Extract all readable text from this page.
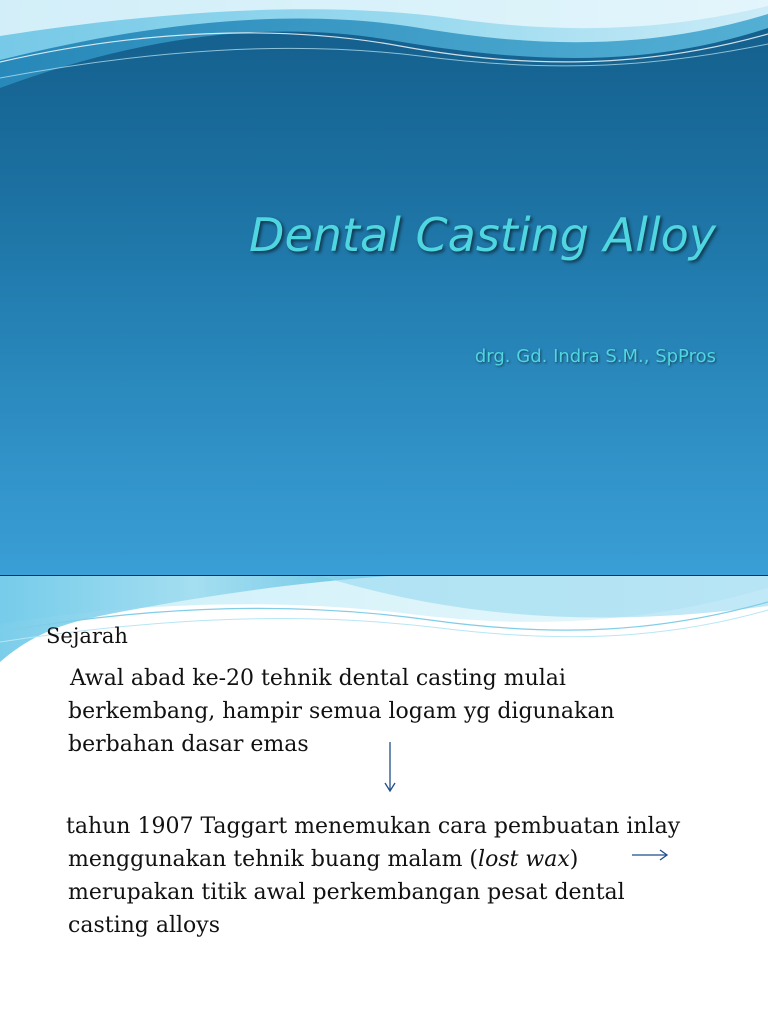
Dental Casting Alloy
drg. Gd. Indra S.M., SpPros
Sejarah
Awal abad ke-20 tehnik dental casting mulai
berkembang, hampir semua logam yg digunakan
berbahan dasar emas
tahun 1907 Taggart menemukan cara pembuatan inlay
menggunakan tehnik buang malam (lost wax)
merupakan titik awal perkembangan pesat dental
casting alloys
